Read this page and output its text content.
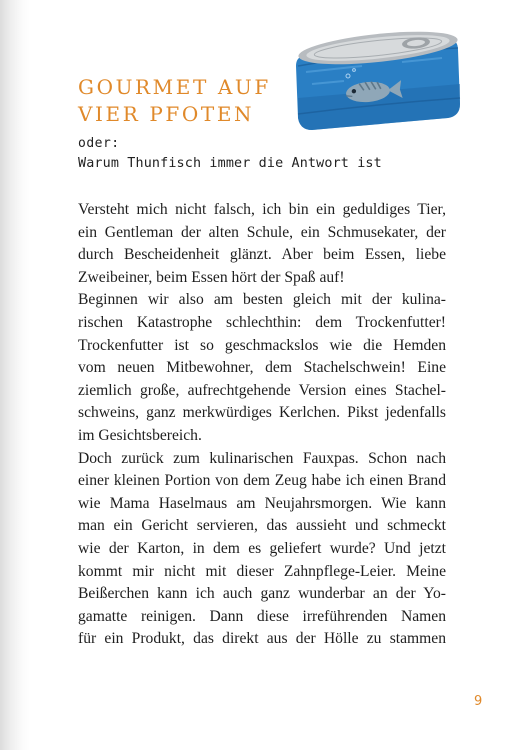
GOURMET AUF
VIER PFOTEN
oder:
Warum Thunfisch immer die Antwort ist
Versteht mich nicht falsch, ich bin ein geduldiges Tier,
ein Gentleman der alten Schule, ein Schmusekater, der
durch Bescheidenheit glänzt. Aber beim Essen, liebe
Zweibeiner, beim Essen hört der Spaß auf!
Beginnen wir also am besten gleich mit der kulina-
rischen Katastrophe schlechthin: dem Trockenfutter!
Trockenfutter ist so geschmackslos wie die Hemden
vom neuen Mitbewohner, dem Stachelschwein! Eine
ziemlich große, aufrechtgehende Version eines Stachel-
schweins, ganz merkwürdiges Kerlchen. Pikst jedenfalls
im Gesichtsbereich.
Doch zurück zum kulinarischen Fauxpas. Schon nach
einer kleinen Portion von dem Zeug habe ich einen Brand
wie Mama Haselmaus am Neujahrsmorgen. Wie kann
man ein Gericht servieren, das aussieht und schmeckt
wie der Karton, in dem es geliefert wurde? Und jetzt
kommt mir nicht mit dieser Zahnpflege-Leier. Meine
Beißerchen kann ich auch ganz wunderbar an der Yo-
gamatte reinigen. Dann diese irreführenden Namen
für ein Produkt, das direkt aus der Hölle zu stammen
9
